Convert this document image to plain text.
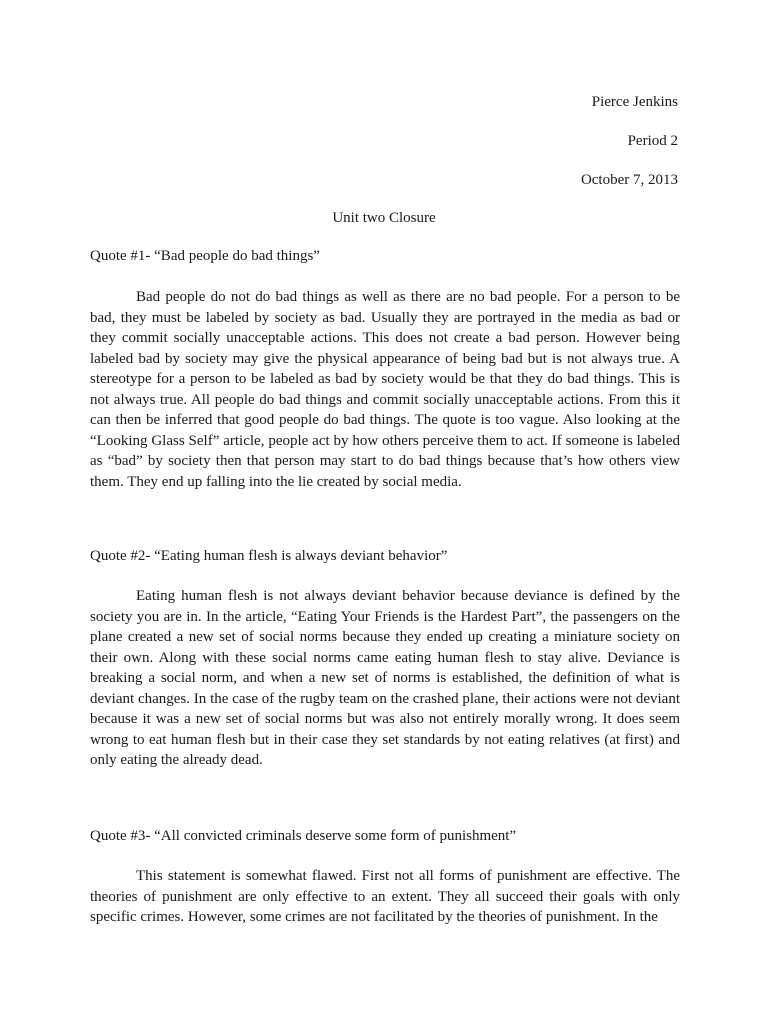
Pierce Jenkins
Period 2
October 7, 2013
Unit two Closure
Quote #1- “Bad people do bad things”

Bad people do not do bad things as well as there are no bad people. For a person to be bad, they must be labeled by society as bad. Usually they are portrayed in the media as bad or they commit socially unacceptable actions. This does not create a bad person. However being labeled bad by society may give the physical appearance of being bad but is not always true. A stereotype for a person to be labeled as bad by society would be that they do bad things. This is not always true. All people do bad things and commit socially unacceptable actions. From this it can then be inferred that good people do bad things. The quote is too vague. Also looking at the “Looking Glass Self” article, people act by how others perceive them to act. If someone is labeled as “bad” by society then that person may start to do bad things because that’s how others view them. They end up falling into the lie created by social media.

Quote #2- “Eating human flesh is always deviant behavior”

Eating human flesh is not always deviant behavior because deviance is defined by the society you are in. In the article, “Eating Your Friends is the Hardest Part”, the passengers on the plane created a new set of social norms because they ended up creating a miniature society on their own. Along with these social norms came eating human flesh to stay alive. Deviance is breaking a social norm, and when a new set of norms is established, the definition of what is deviant changes. In the case of the rugby team on the crashed plane, their actions were not deviant because it was a new set of social norms but was also not entirely morally wrong. It does seem wrong to eat human flesh but in their case they set standards by not eating relatives (at first) and only eating the already dead.

Quote #3- “All convicted criminals deserve some form of punishment”

This statement is somewhat flawed. First not all forms of punishment are effective. The theories of punishment are only effective to an extent. They all succeed their goals with only specific crimes. However, some crimes are not facilitated by the theories of punishment. In the
